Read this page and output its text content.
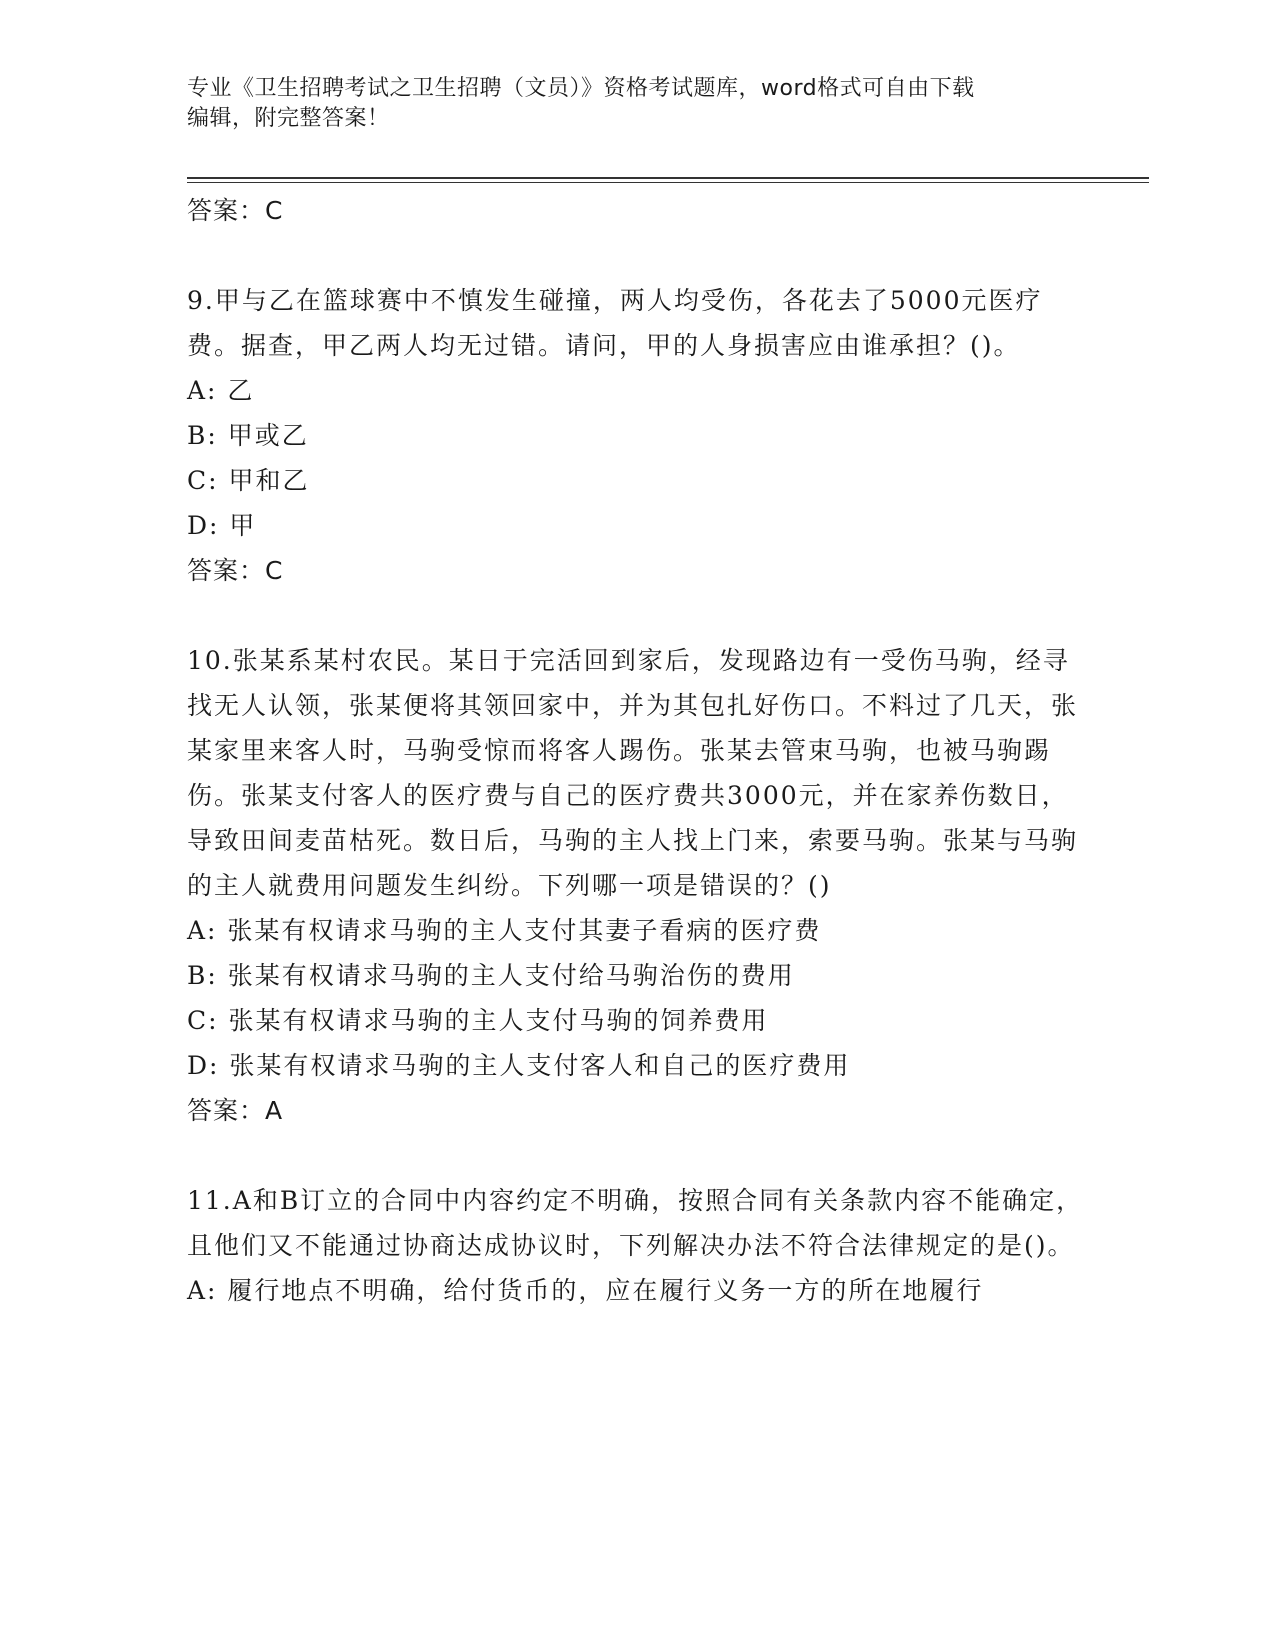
专业《卫生招聘考试之卫生招聘（文员）》资格考试题库，word格式可自由下载
编辑，附完整答案！
答案：C

9.甲与乙在篮球赛中不慎发生碰撞，两人均受伤，各花去了5000元医疗费。据查，甲乙两人均无过错。请问，甲的人身损害应由谁承担？()。

A: 乙
B: 甲或乙
C: 甲和乙
D: 甲
答案：C

10.张某系某村农民。某日于完活回到家后，发现路边有一受伤马驹，经寻找无人认领，张某便将其领回家中，并为其包扎好伤口。不料过了几天，张某家里来客人时，马驹受惊而将客人踢伤。张某去管束马驹，也被马驹踢伤。张某支付客人的医疗费与自己的医疗费共3000元，并在家养伤数日，导致田间麦苗枯死。数日后，马驹的主人找上门来，索要马驹。张某与马驹的主人就费用问题发生纠纷。下列哪一项是错误的？()

A: 张某有权请求马驹的主人支付其妻子看病的医疗费
B: 张某有权请求马驹的主人支付给马驹治伤的费用
C: 张某有权请求马驹的主人支付马驹的饲养费用
D: 张某有权请求马驹的主人支付客人和自己的医疗费用
答案：A

11.A和B订立的合同中内容约定不明确，按照合同有关条款内容不能确定，且他们又不能通过协商达成协议时，下列解决办法不符合法律规定的是()。

A: 履行地点不明确，给付货币的，应在履行义务一方的所在地履行
